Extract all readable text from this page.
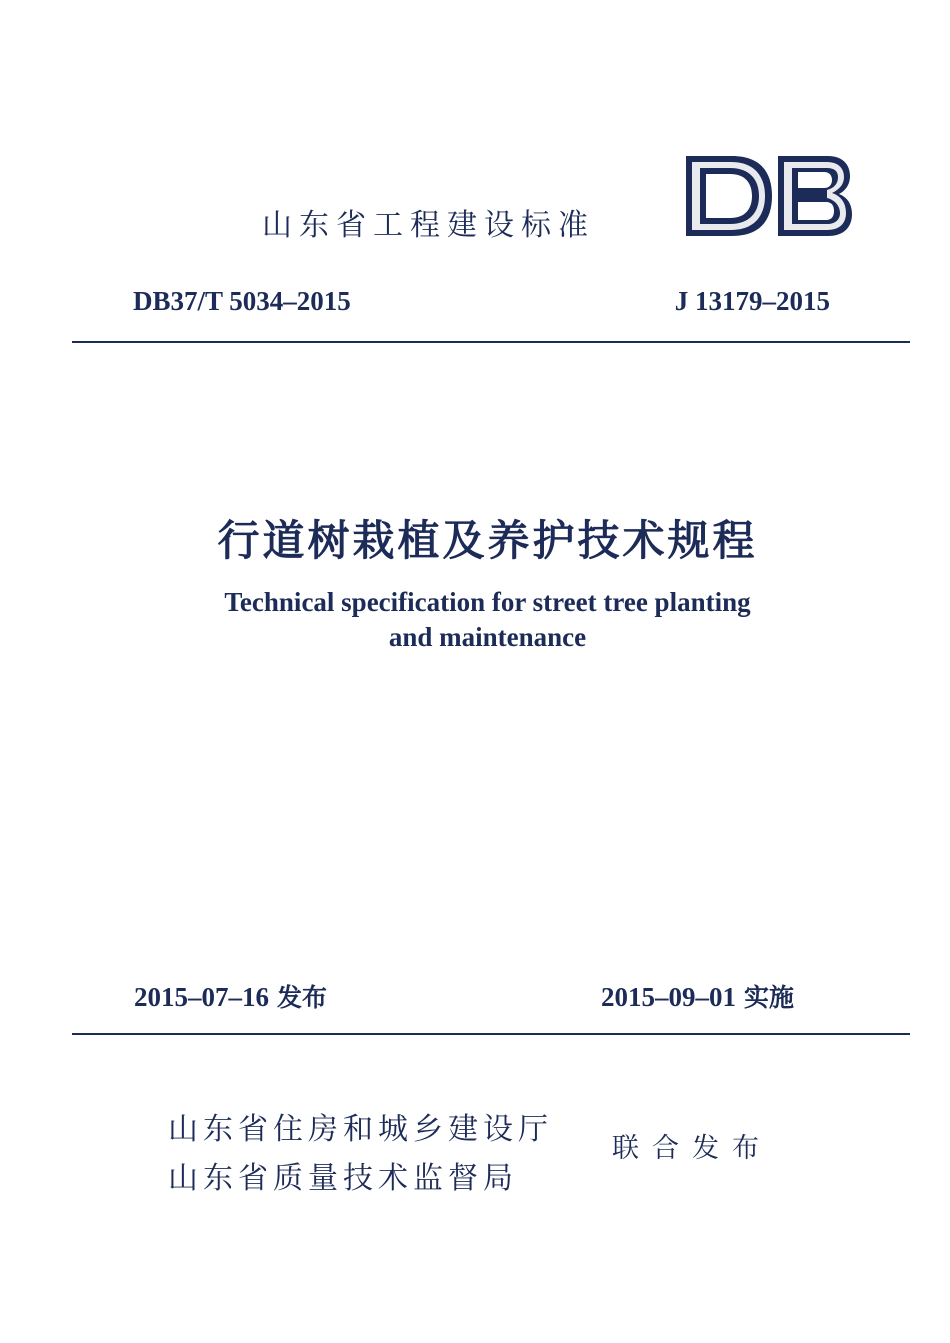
山东省工程建设标准
DB37/T 5034–2015	J 13179–2015
行道树栽植及养护技术规程
Technical specification for street tree planting
and maintenance
2015–07–16 发布	2015–09–01 实施
山东省住房和城乡建设厅
山东省质量技术监督局
联合发布
